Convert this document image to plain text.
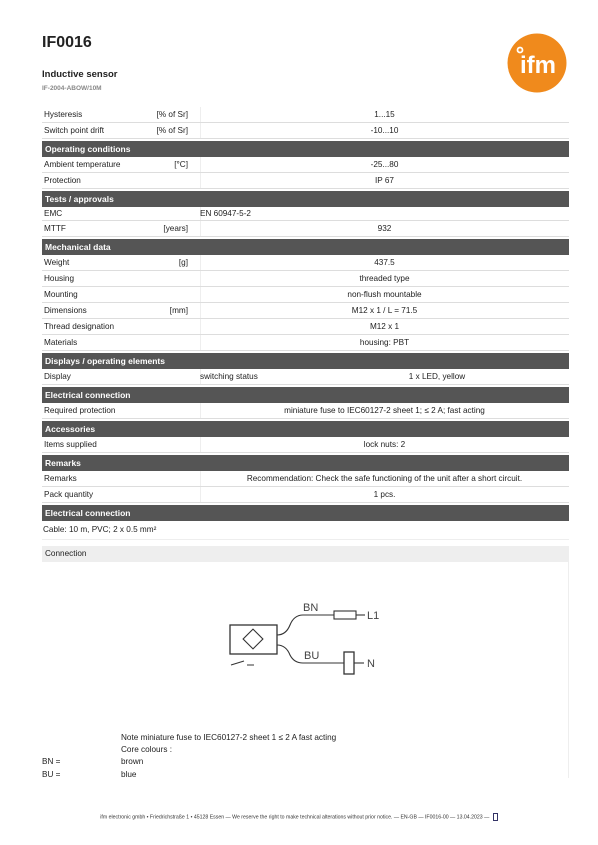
IF0016
Inductive sensor
IF-2004-ABOW/10M
ifm
Hysteresis	[% of Sr]	1...15
Switch point drift	[% of Sr]	-10...10
Operating conditions
Ambient temperature	[°C]	-25...80
Protection	IP 67
Tests / approvals
EMC	EN 60947-5-2
MTTF	[years]	932
Mechanical data
Weight	[g]	437.5
Housing	threaded type
Mounting	non-flush mountable
Dimensions	[mm]	M12 x 1 / L = 71.5
Thread designation	M12 x 1
Materials	housing: PBT
Displays / operating elements
Display	switching status	1 x LED, yellow
Electrical connection
Required protection	miniature fuse to IEC60127-2 sheet 1; ≤ 2 A; fast acting
Accessories
Items supplied	lock nuts: 2
Remarks
Remarks	Recommendation: Check the safe functioning of the unit after a short circuit.
Pack quantity	1 pcs.
Electrical connection
Cable: 10 m, PVC; 2 x 0.5 mm²
Connection
BN
BU
L1
N
Note miniature fuse to IEC60127-2 sheet 1 ≤ 2 A fast acting
Core colours :
BN =	brown
BU =	blue
ifm electronic gmbh • Friedrichstraße 1 • 45128 Essen — We reserve the right to make technical alterations without prior notice. — EN-GB — IF0016-00 — 13.04.2023 —
